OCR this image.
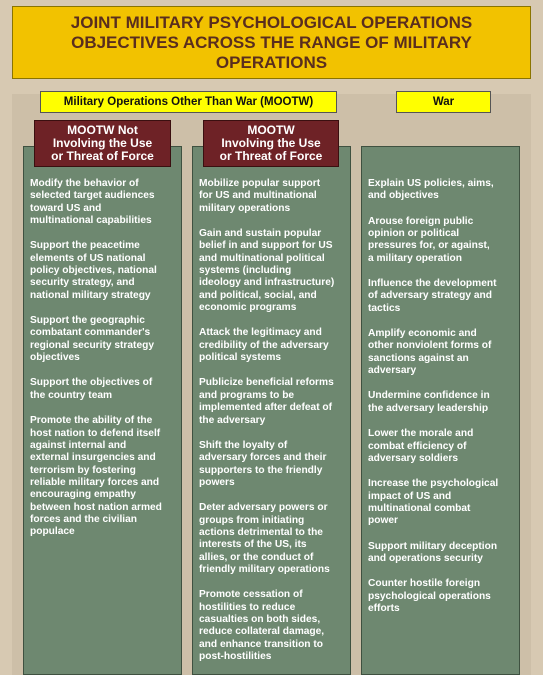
JOINT MILITARY PSYCHOLOGICAL OPERATIONS
OBJECTIVES ACROSS THE RANGE OF MILITARY
OPERATIONS
Military Operations Other Than War (MOOTW)	War
MOOTW Not
Involving the Use
or Threat of Force
Modify the behavior of
selected target audiences
toward US and
multinational capabilities
Support the peacetime
elements of US national
policy objectives, national
security strategy, and
national military strategy
Support the geographic
combatant commander's
regional security strategy
objectives
Support the objectives of
the country team
Promote the ability of the
host nation to defend itself
against internal and
external insurgencies and
terrorism by fostering
reliable military forces and
encouraging empathy
between host nation armed
forces and the civilian
populace
MOOTW
Involving the Use
or Threat of Force
Mobilize popular support
for US and multinational
military operations
Gain and sustain popular
belief in and support for US
and multinational political
systems (including
ideology and infrastructure)
and political, social, and
economic programs
Attack the legitimacy and
credibility of the adversary
political systems
Publicize beneficial reforms
and programs to be
implemented after defeat of
the adversary
Shift the loyalty of
adversary forces and their
supporters to the friendly
powers
Deter adversary powers or
groups from initiating
actions detrimental to the
interests of the US, its
allies, or the conduct of
friendly military operations
Promote cessation of
hostilities to reduce
casualties on both sides,
reduce collateral damage,
and enhance transition to
post-hostilities
Explain US policies, aims,
and objectives
Arouse foreign public
opinion or political
pressures for, or against,
a military operation
Influence the development
of adversary strategy and
tactics
Amplify economic and
other nonviolent forms of
sanctions against an
adversary
Undermine confidence in
the adversary leadership
Lower the morale and
combat efficiency of
adversary soldiers
Increase the psychological
impact of US and
multinational combat
power
Support military deception
and operations security
Counter hostile foreign
psychological operations
efforts
